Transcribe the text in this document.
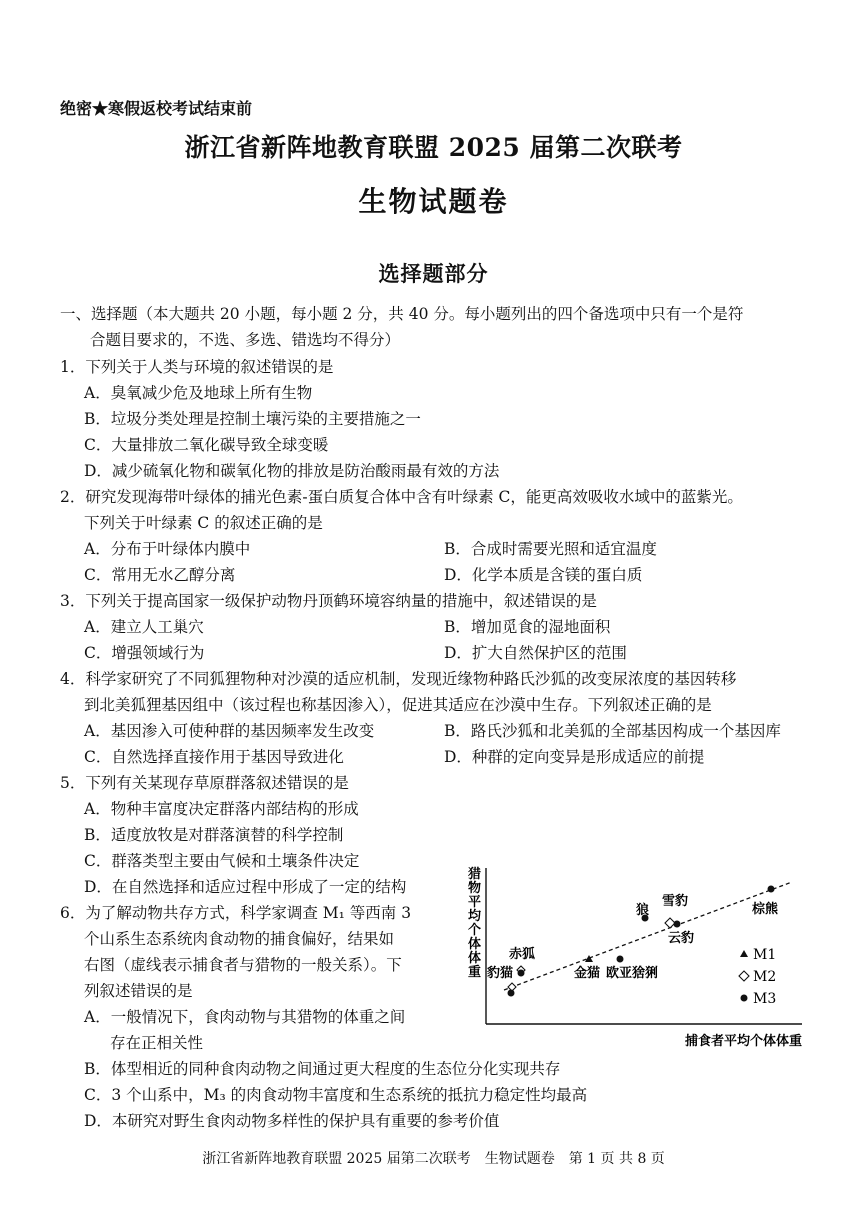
绝密★寒假返校考试结束前
浙江省新阵地教育联盟 2025 届第二次联考
生物试题卷
选择题部分
一、选择题（本大题共 20 小题，每小题 2 分，共 40 分。每小题列出的四个备选项中只有一个是符
合题目要求的，不选、多选、错选均不得分）
1．下列关于人类与环境的叙述错误的是
A．臭氧减少危及地球上所有生物
B．垃圾分类处理是控制土壤污染的主要措施之一
C．大量排放二氧化碳导致全球变暖
D．减少硫氧化物和碳氧化物的排放是防治酸雨最有效的方法
2．研究发现海带叶绿体的捕光色素-蛋白质复合体中含有叶绿素 C，能更高效吸收水域中的蓝紫光。
下列关于叶绿素 C 的叙述正确的是
A．分布于叶绿体内膜中	B．合成时需要光照和适宜温度
C．常用无水乙醇分离	D．化学本质是含镁的蛋白质
3．下列关于提高国家一级保护动物丹顶鹤环境容纳量的措施中，叙述错误的是
A．建立人工巢穴	B．增加觅食的湿地面积
C．增强领域行为	D．扩大自然保护区的范围
4．科学家研究了不同狐狸物种对沙漠的适应机制，发现近缘物种路氏沙狐的改变尿浓度的基因转移
到北美狐狸基因组中（该过程也称基因渗入），促进其适应在沙漠中生存。下列叙述正确的是
A．基因渗入可使种群的基因频率发生改变	B．路氏沙狐和北美狐的全部基因构成一个基因库
C．自然选择直接作用于基因导致进化	D．种群的定向变异是形成适应的前提
5．下列有关某现存草原群落叙述错误的是
A．物种丰富度决定群落内部结构的形成
B．适度放牧是对群落演替的科学控制
C．群落类型主要由气候和土壤条件决定
D．在自然选择和适应过程中形成了一定的结构
6．为了解动物共存方式，科学家调查 M₁ 等西南 3
个山系生态系统肉食动物的捕食偏好，结果如
右图（虚线表示捕食者与猎物的一般关系）。下
列叙述错误的是
A．一般情况下，食肉动物与其猎物的体重之间
存在正相关性
B．体型相近的同种食肉动物之间通过更大程度的生态位分化实现共存
C．3 个山系中，M₃ 的肉食动物丰富度和生态系统的抵抗力稳定性均最高
D．本研究对野生食肉动物多样性的保护具有重要的参考价值
猎物平均个体体重
捕食者平均个体体重
豹猫
赤狐
金猫 欧亚猞猁
狼
雪豹
云豹
棕熊
M1
M2
M3
浙江省新阵地教育联盟 2025 届第二次联考　生物试题卷　第 1 页 共 8 页
